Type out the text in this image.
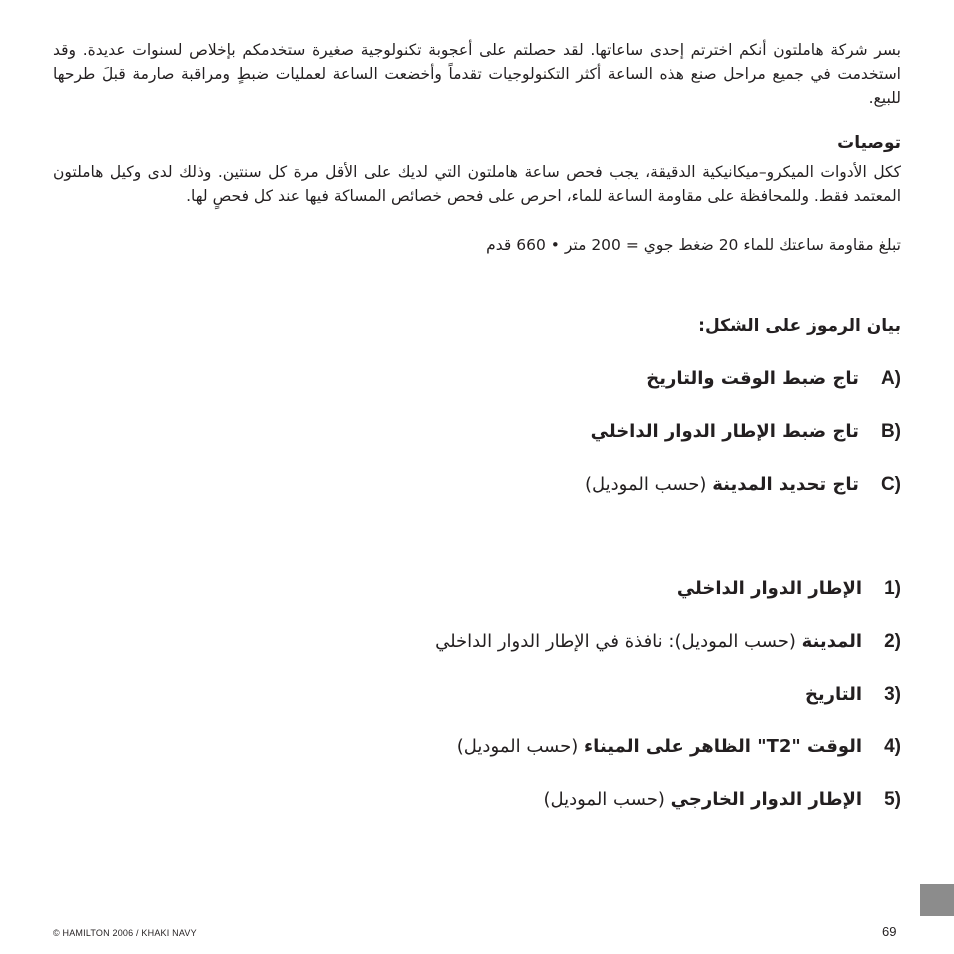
بسر شركة هاملتون أنكم اخترتم إحدى ساعاتها. لقد حصلتم على أعجوبة تكنولوجية صغيرة ستخدمكم بإخلاص لسنوات عديدة. وقد استخدمت في جميع مراحل صنع هذه الساعة أكثر التكنولوجيات تقدماً وأخضعت الساعة لعمليات ضبطٍ ومراقبة صارمة قبلَ طرحها للبيع.

توصيات

ككل الأدوات الميكرو–ميكانيكية الدقيقة، يجب فحص ساعة هاملتون التي لديك على الأقل مرة كل سنتين. وذلك لدى وكيل هاملتون المعتمد فقط. وللمحافظة على مقاومة الساعة للماء، احرص على فحص خصائص المساكة فيها عند كل فحصٍ لها.

تبلغ مقاومة ساعتك للماء 20 ضغط جوي = 200 متر • 660 قدم
بيان الرموز على الشكل:
(Aتاج ضبط الوقت والتاريخ
(Bتاج ضبط الإطار الدوار الداخلي
(Cتاج تحديد المدينة (حسب الموديل)
(1الإطار الدوار الداخلي
(2المدينة (حسب الموديل): نافذة في الإطار الدوار الداخلي
(3التاريخ
(4الوقت "T2" الظاهر على الميناء (حسب الموديل)
(5الإطار الدوار الخارجي (حسب الموديل)
© HAMILTON 2006 / KHAKI NAVY	69
